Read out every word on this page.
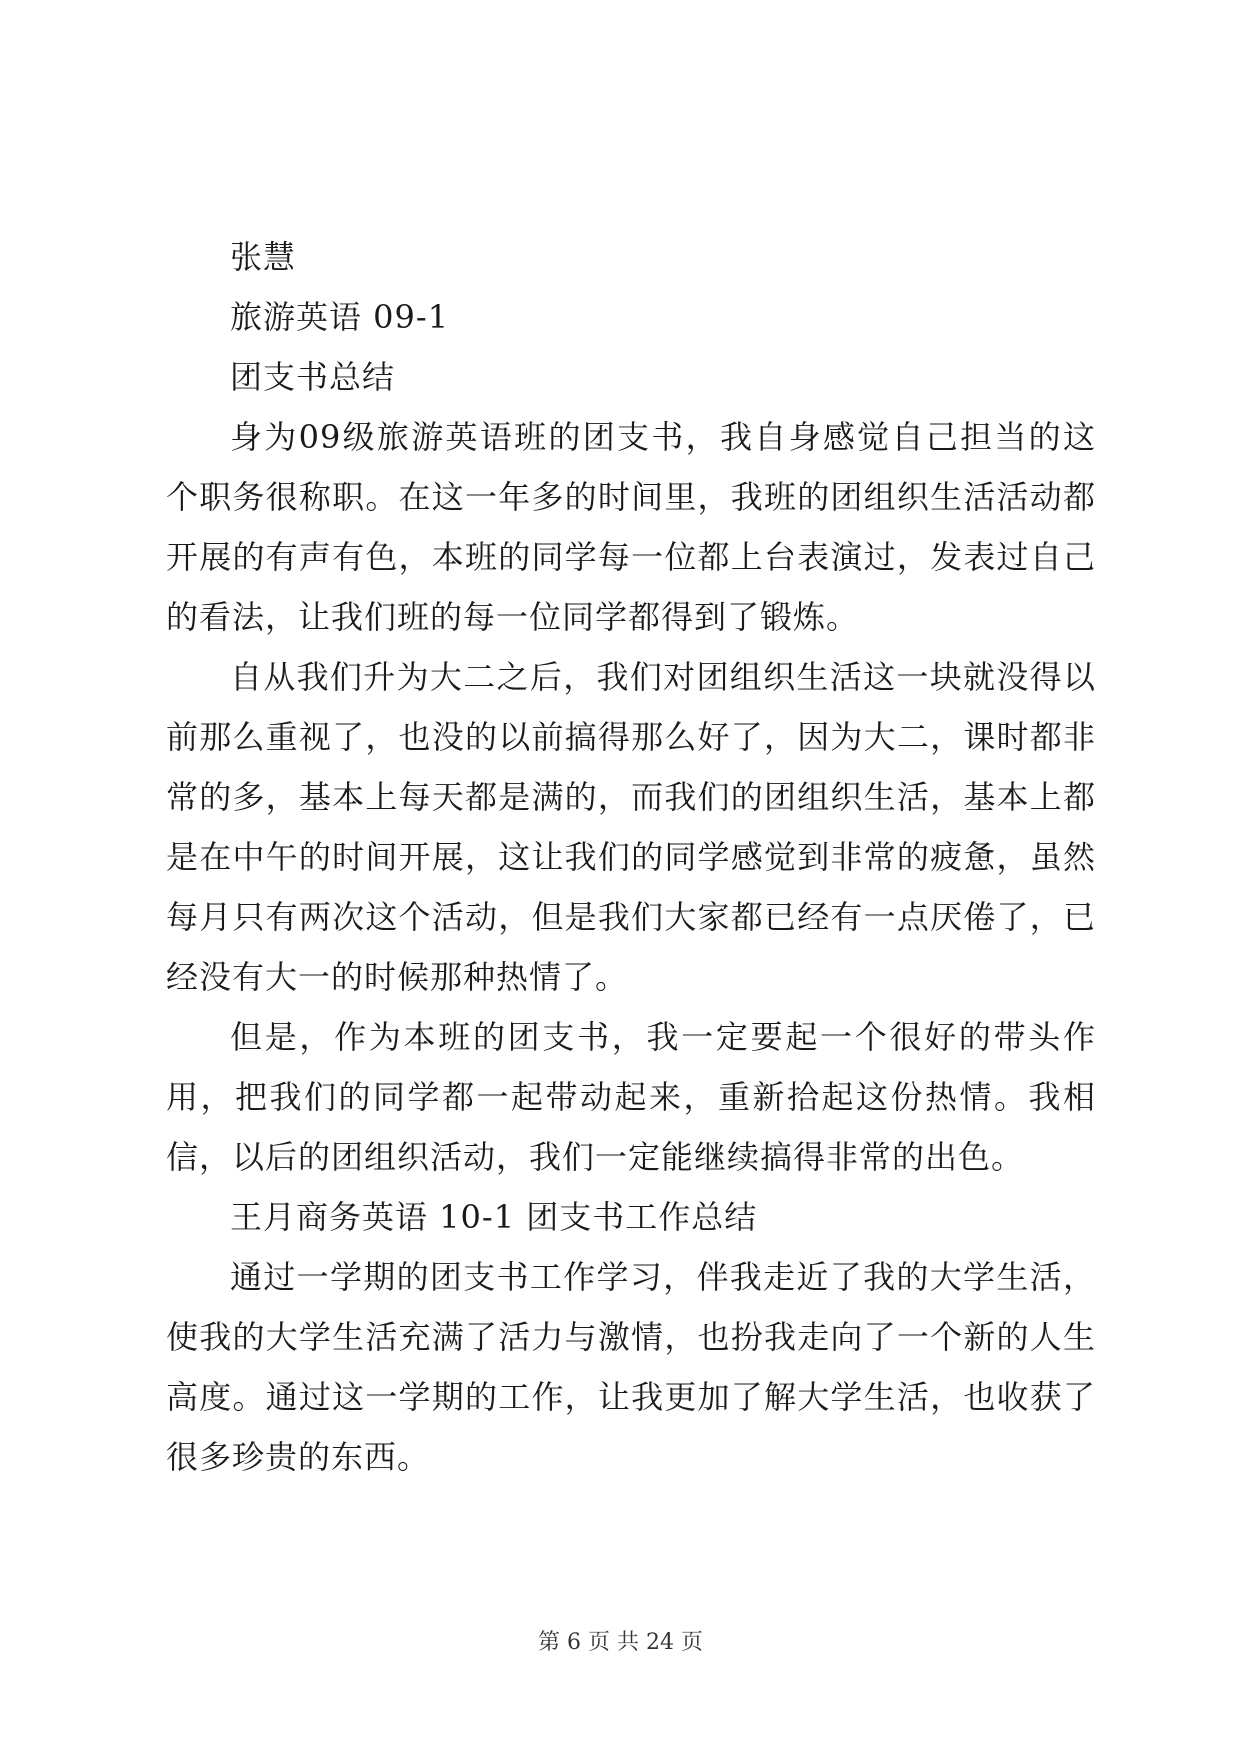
张慧
旅游英语 09-1
团支书总结

身为09级旅游英语班的团支书，我自身感觉自己担当的这个职务很称职。在这一年多的时间里，我班的团组织生活活动都开展的有声有色，本班的同学每一位都上台表演过，发表过自己的看法，让我们班的每一位同学都得到了锻炼。

自从我们升为大二之后，我们对团组织生活这一块就没得以前那么重视了，也没的以前搞得那么好了，因为大二，课时都非常的多，基本上每天都是满的，而我们的团组织生活，基本上都是在中午的时间开展，这让我们的同学感觉到非常的疲惫，虽然每月只有两次这个活动，但是我们大家都已经有一点厌倦了，已经没有大一的时候那种热情了。

但是，作为本班的团支书，我一定要起一个很好的带头作用，把我们的同学都一起带动起来，重新拾起这份热情。我相信，以后的团组织活动，我们一定能继续搞得非常的出色。

王月商务英语 10-1 团支书工作总结

通过一学期的团支书工作学习，伴我走近了我的大学生活，使我的大学生活充满了活力与激情，也扮我走向了一个新的人生高度。通过这一学期的工作，让我更加了解大学生活，也收获了很多珍贵的东西。

第 6 页 共 24 页
